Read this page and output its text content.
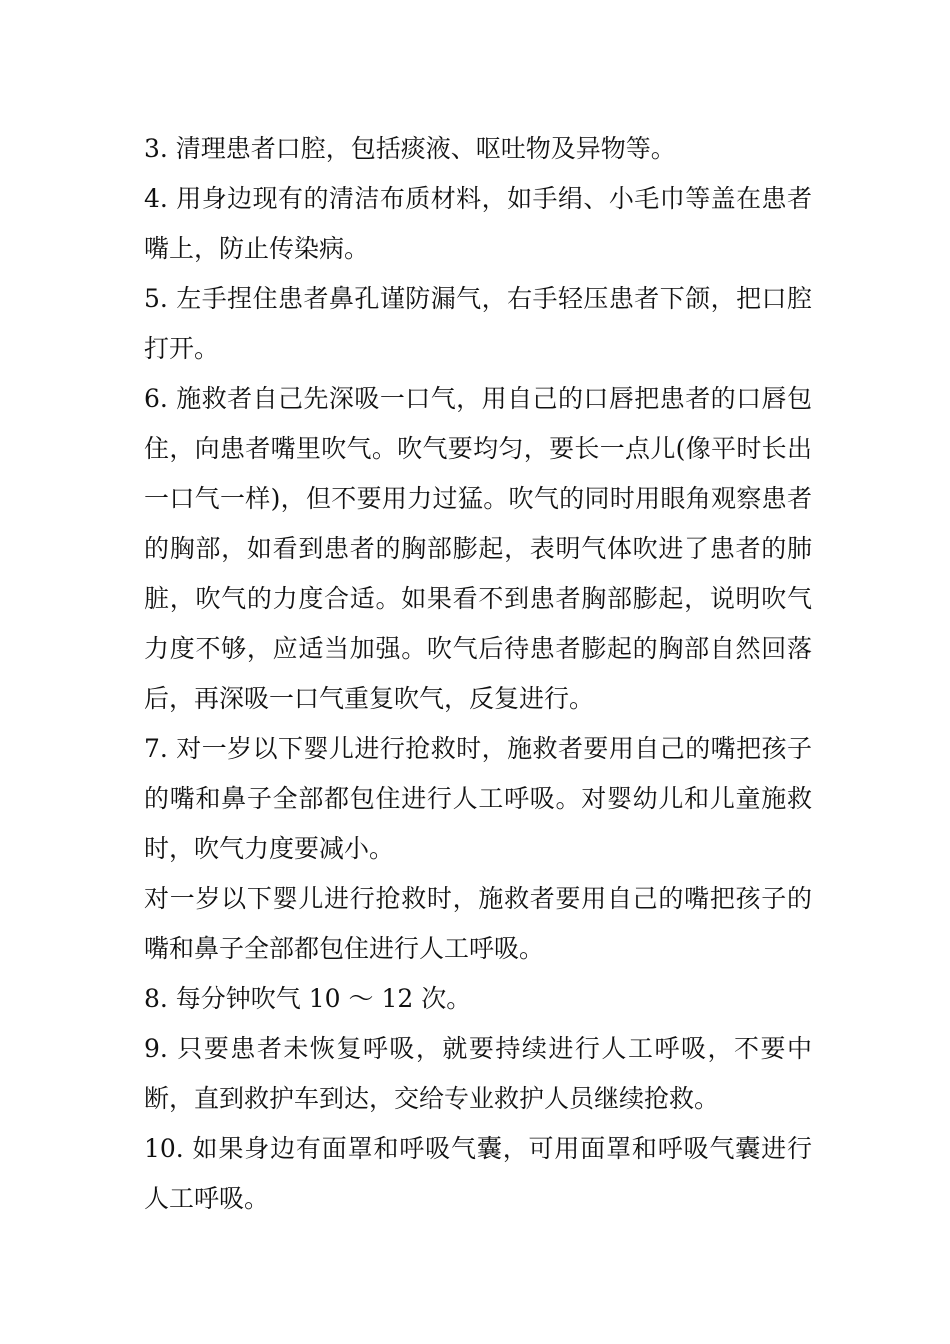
3. 清理患者口腔，包括痰液、呕吐物及异物等。

4. 用身边现有的清洁布质材料，如手绢、小毛巾等盖在患者嘴上，防止传染病。

5. 左手捏住患者鼻孔谨防漏气，右手轻压患者下颌，把口腔打开。

6. 施救者自己先深吸一口气，用自己的口唇把患者的口唇包住，向患者嘴里吹气。吹气要均匀，要长一点儿(像平时长出一口气一样)，但不要用力过猛。吹气的同时用眼角观察患者的胸部，如看到患者的胸部膨起，表明气体吹进了患者的肺脏，吹气的力度合适。如果看不到患者胸部膨起，说明吹气力度不够，应适当加强。吹气后待患者膨起的胸部自然回落后，再深吸一口气重复吹气，反复进行。

7. 对一岁以下婴儿进行抢救时，施救者要用自己的嘴把孩子的嘴和鼻子全部都包住进行人工呼吸。对婴幼儿和儿童施救时，吹气力度要减小。

对一岁以下婴儿进行抢救时，施救者要用自己的嘴把孩子的嘴和鼻子全部都包住进行人工呼吸。

8. 每分钟吹气 10 ～ 12 次。

9. 只要患者未恢复呼吸，就要持续进行人工呼吸，不要中断，直到救护车到达，交给专业救护人员继续抢救。

10. 如果身边有面罩和呼吸气囊，可用面罩和呼吸气囊进行人工呼吸。
